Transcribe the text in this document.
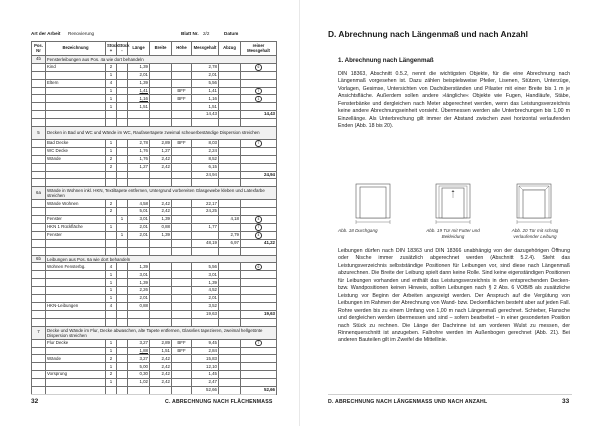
Art der Arbeit Renovierung	Blatt Nr. 2/2	Datum
Pos. Nr	Bezeichnung	Stück +	Stück -	Länge	Breite	Höhe	Messgehalt	Abzug	reiner Messgehalt
4b	Fensterleibungen aus Pos. 4a wie dort behandeln								
	Kind	2		1,39			2,78		6
		1		2,01			2,01		
	Eltern	4		1,39			5,56		
		1		1,41		BFF	1,41		7
		1		1,16		BFF	1,16		1
		1		1,51			1,51		
							14,43		14,43

5	Decken in Bad und WC und Wände im WC, Raufasertapete zweimal scheuerbeständige Dispersion streichen								
	Bad Decke	1		2,78	2,89	BFF	8,03		7
	WC Decke	1		1,76	1,27		2,24		
	Wände	2		1,76	2,42		8,52		
		2		1,27	2,42		6,15		
							24,94		24,94

6a	Wände in Wohnen inkl. HKN, Textiltapete entfernen, Untergrund vorbereiten Glasgewebe kleben und Latexfarbe streichen								
	Wände Wohnen	2		4,58	2,42		22,17		
		2		5,01	2,42		24,25		
	Fenster		1	3,01	1,39			4,18	4
	HKN 1 Rückfläche	1		2,01	0,88		1,77		7
	Fenster		1	2,01	1,39			2,79	4
							48,19	6,97	41,22

6b	Leibungen aus Pos. 6a wie dort behandeln								
	Wohnen Fensterbg.	4		1,39			5,56		6
		1		3,01			3,01		
		1		1,39			1,39		
		1		2,26			4,52		
		1		2,01			2,01		
	HKN-Leibungen	4		0,88			3,52		
							19,63		19,63

7	Decke und Wände im Flur, Decke abwaschen, alte Tapete entfernen, Glasvlies tapezieren, zweimal hellgetönte Dispersion streichen								
	Flur Decke	1		3,27	2,89	BFF	9,45		7
		1		1,88	1,51	BFF	2,84		
	Wände	2		3,27	2,42		15,83		
		1		5,00	2,42		12,10		
	Vorsprung	2		0,30	2,42		1,45		
		1		1,02	2,42		2,47		
							52,66		52,66
32	C. ABRECHNUNG NACH FLÄCHENMASS
D. Abrechnung nach Längenmaß und nach Anzahl
1. Abrechnung nach Längenmaß

DIN 18363, Abschnitt 0.5.2, nennt die wichtigsten Objekte, für die eine Abrechnung nach Längenmaß vorgesehen ist. Dazu zählen beispielsweise Pfeiler, Lisenen, Stützen, Unterzüge, Vorlagen, Gesimse, Untersichten von Dachüberständen und Pilaster mit einer Breite bis 1 m je Ansichtsfläche. Außerdem sollen andere »längliche« Objekte wie Fugen, Handläufe, Stäbe, Fensterbänke und dergleichen nach Meter abgerechnet werden, wenn das Leistungsverzeichnis keine andere Abrechnungseinheit vorsieht. Übermessen werden alle Unterbrechungen bis 1,00 m Einzellänge. Als Unterbrechung gilt immer der Abstand zwischen zwei horizontal verlaufenden Enden (Abb. 18 bis 20).

Abb. 18 Durchgang	Abb. 19 Tür mit Futter und Bekleidung
Abb. 20 Tür mit schräg verlaufender Leibung

Leibungen dürfen nach DIN 18363 und DIN 18366 unabhängig von der dazugehörigen Öffnung oder Nische immer zusätzlich abgerechnet werden (Abschnitt 5.2.4). Steht das Leistungsverzeichnis selbstständige Positionen für Leibungen vor, sind diese nach Längenmaß abzurechnen. Die Breite der Leibung spielt dann keine Rolle. Sind keine eigenständigen Positionen für Leibungen vorhanden und enthält das Leistungsverzeichnis in den entsprechenden Decken- bzw. Wandpositionen keinen Hinweis, sollten Leibungen nach § 2 Abs. 6 VOB/B als zusätzliche Leistung vor Beginn der Arbeiten angezeigt werden. Der Anspruch auf die Vergütung von Leibungen im Rahmen der Abrechnung von Wand- bzw. Deckenflächen besteht aber auf jeden Fall. Rohre werden bis zu einem Umfang von 1,00 m nach Längenmaß gerechnet. Schieber, Flansche und dergleichen werden übermessen und sind – sofern bearbeitet – in einer gesonderten Position nach Stück zu rechnen. Die Länge der Dachrinne ist am vorderen Wulst zu messen, der Rinnenquerschnitt ist anzugeben. Fallrohre werden im Außenbogen gerechnet (Abb. 21). Bei anderen Bauteilen gilt im Zweifel die Mittellinie.

D. ABRECHNUNG NACH LÄNGENMASS UND NACH ANZAHL	33
